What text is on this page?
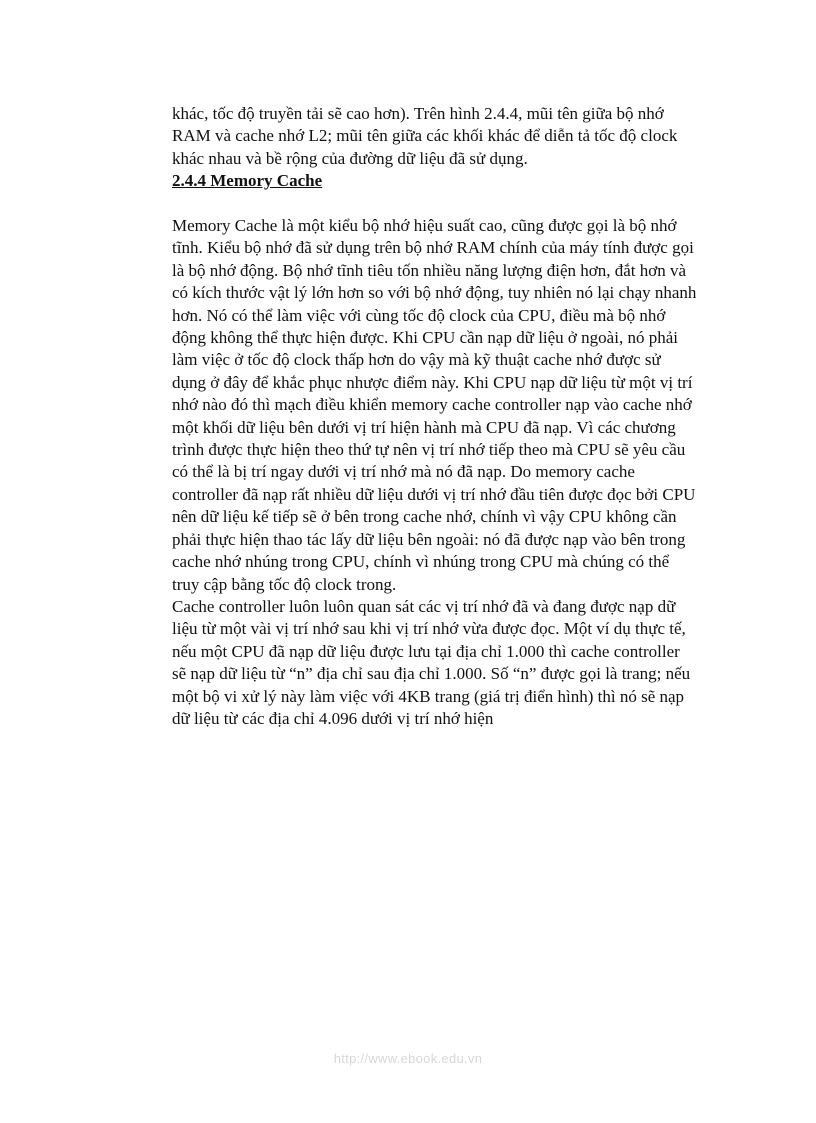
khác, tốc độ truyền tải sẽ cao hơn). Trên hình 2.4.4, mũi tên giữa bộ nhớ
RAM và cache nhớ L2; mũi tên giữa các khối khác để diễn tả tốc độ clock
khác nhau và bề rộng của đường dữ liệu đã sử dụng.

2.4.4 Memory Cache

Memory Cache là một kiểu bộ nhớ hiệu suất cao, cũng được gọi là bộ nhớ
tĩnh. Kiểu bộ nhớ đã sử dụng trên bộ nhớ RAM chính của máy tính được gọi
là bộ nhớ động. Bộ nhớ tĩnh tiêu tốn nhiều năng lượng điện hơn, đắt hơn và
có kích thước vật lý lớn hơn so với bộ nhớ động, tuy nhiên nó lại chạy nhanh
hơn. Nó có thể làm việc với cùng tốc độ clock của CPU, điều mà bộ nhớ
động không thể thực hiện được. Khi CPU cần nạp dữ liệu ở ngoài, nó phải
làm việc ở tốc độ clock thấp hơn do vậy mà kỹ thuật cache nhớ được sử
dụng ở đây để khắc phục nhược điểm này. Khi CPU nạp dữ liệu từ một vị trí
nhớ nào đó thì mạch điều khiển memory cache controller nạp vào cache nhớ
một khối dữ liệu bên dưới vị trí hiện hành mà CPU đã nạp. Vì các chương
trình được thực hiện theo thứ tự nên vị trí nhớ tiếp theo mà CPU sẽ yêu cầu
có thể là bị trí ngay dưới vị trí nhớ mà nó đã nạp. Do memory cache
controller đã nạp rất nhiều dữ liệu dưới vị trí nhớ đầu tiên được đọc bởi CPU
nên dữ liệu kế tiếp sẽ ở bên trong cache nhớ, chính vì vậy CPU không cần
phải thực hiện thao tác lấy dữ liệu bên ngoài: nó đã được nạp vào bên trong
cache nhớ nhúng trong CPU, chính vì nhúng trong CPU mà chúng có thể
truy cập bằng tốc độ clock trong.

Cache controller luôn luôn quan sát các vị trí nhớ đã và đang được nạp dữ
liệu từ một vài vị trí nhớ sau khi vị trí nhớ vừa được đọc. Một ví dụ thực tế,
nếu một CPU đã nạp dữ liệu được lưu tại địa chỉ 1.000 thì cache controller
sẽ nạp dữ liệu từ “n” địa chỉ sau địa chỉ 1.000. Số “n” được gọi là trang; nếu
một bộ vi xử lý này làm việc với 4KB trang (giá trị điển hình) thì nó sẽ nạp
dữ liệu từ các địa chỉ 4.096 dưới vị trí nhớ hiện

http://www.ebook.edu.vn
